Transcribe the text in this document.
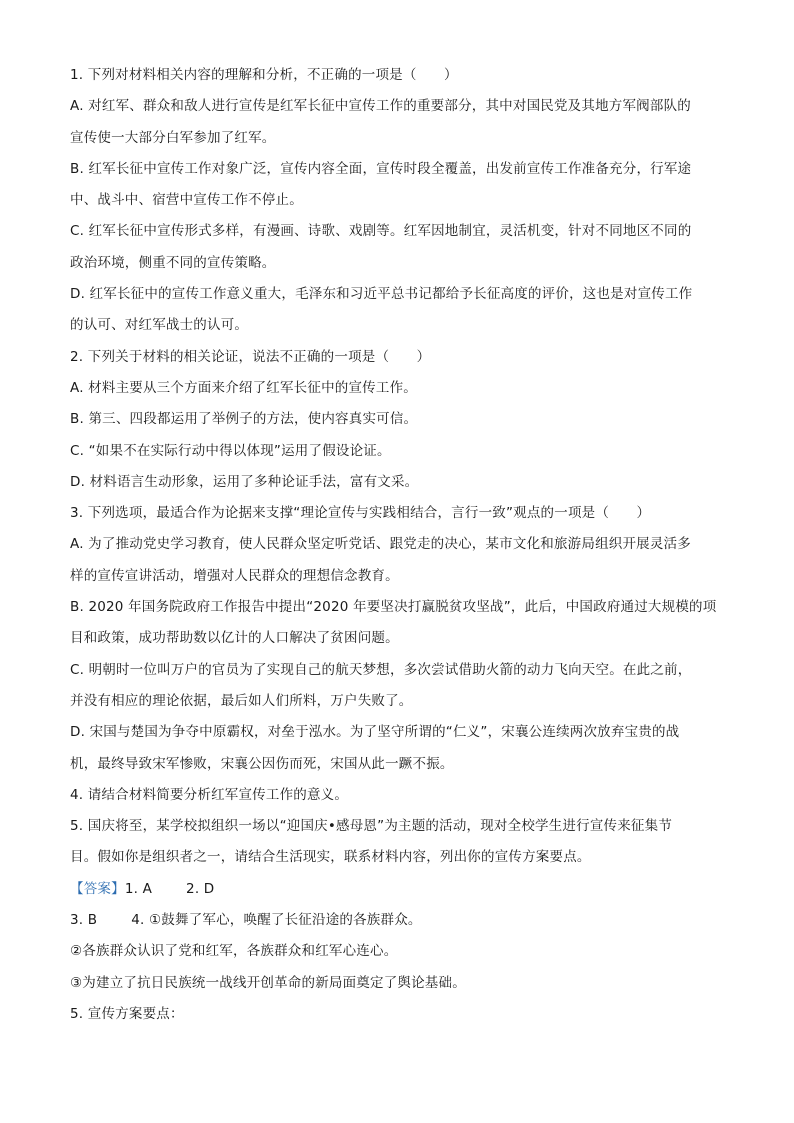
1. 下列对材料相关内容的理解和分析，不正确的一项是（　　）
A. 对红军、群众和敌人进行宣传是红军长征中宣传工作的重要部分，其中对国民党及其地方军阀部队的
宣传使一大部分白军参加了红军。
B. 红军长征中宣传工作对象广泛，宣传内容全面，宣传时段全覆盖，出发前宣传工作准备充分，行军途
中、战斗中、宿营中宣传工作不停止。
C. 红军长征中宣传形式多样，有漫画、诗歌、戏剧等。红军因地制宜，灵活机变，针对不同地区不同的
政治环境，侧重不同的宣传策略。
D. 红军长征中的宣传工作意义重大，毛泽东和习近平总书记都给予长征高度的评价，这也是对宣传工作
的认可、对红军战士的认可。
2. 下列关于材料的相关论证，说法不正确的一项是（　　）
A. 材料主要从三个方面来介绍了红军长征中的宣传工作。
B. 第三、四段都运用了举例子的方法，使内容真实可信。
C. “如果不在实际行动中得以体现”运用了假设论证。
D. 材料语言生动形象，运用了多种论证手法，富有文采。
3. 下列选项，最适合作为论据来支撑“理论宣传与实践相结合，言行一致”观点的一项是（　　）
A. 为了推动党史学习教育，使人民群众坚定听党话、跟党走的决心，某市文化和旅游局组织开展灵活多
样的宣传宣讲活动，增强对人民群众的理想信念教育。
B. 2020 年国务院政府工作报告中提出“2020 年要坚决打赢脱贫攻坚战”，此后，中国政府通过大规模的项
目和政策，成功帮助数以亿计的人口解决了贫困问题。
C. 明朝时一位叫万户的官员为了实现自己的航天梦想，多次尝试借助火箭的动力飞向天空。在此之前，
并没有相应的理论依据，最后如人们所料，万户失败了。
D. 宋国与楚国为争夺中原霸权，对垒于泓水。为了坚守所谓的“仁义”，宋襄公连续两次放弃宝贵的战
机，最终导致宋军惨败，宋襄公因伤而死，宋国从此一蹶不振。
4. 请结合材料简要分析红军宣传工作的意义。
5. 国庆将至，某学校拟组织一场以“迎国庆•感母恩”为主题的活动，现对全校学生进行宣传来征集节
目。假如你是组织者之一，请结合生活现实，联系材料内容，列出你的宣传方案要点。
【答案】1. A	2. D
3. B	4. ①鼓舞了军心，唤醒了长征沿途的各族群众。
②各族群众认识了党和红军，各族群众和红军心连心。
③为建立了抗日民族统一战线开创革命的新局面奠定了舆论基础。
5. 宣传方案要点：
